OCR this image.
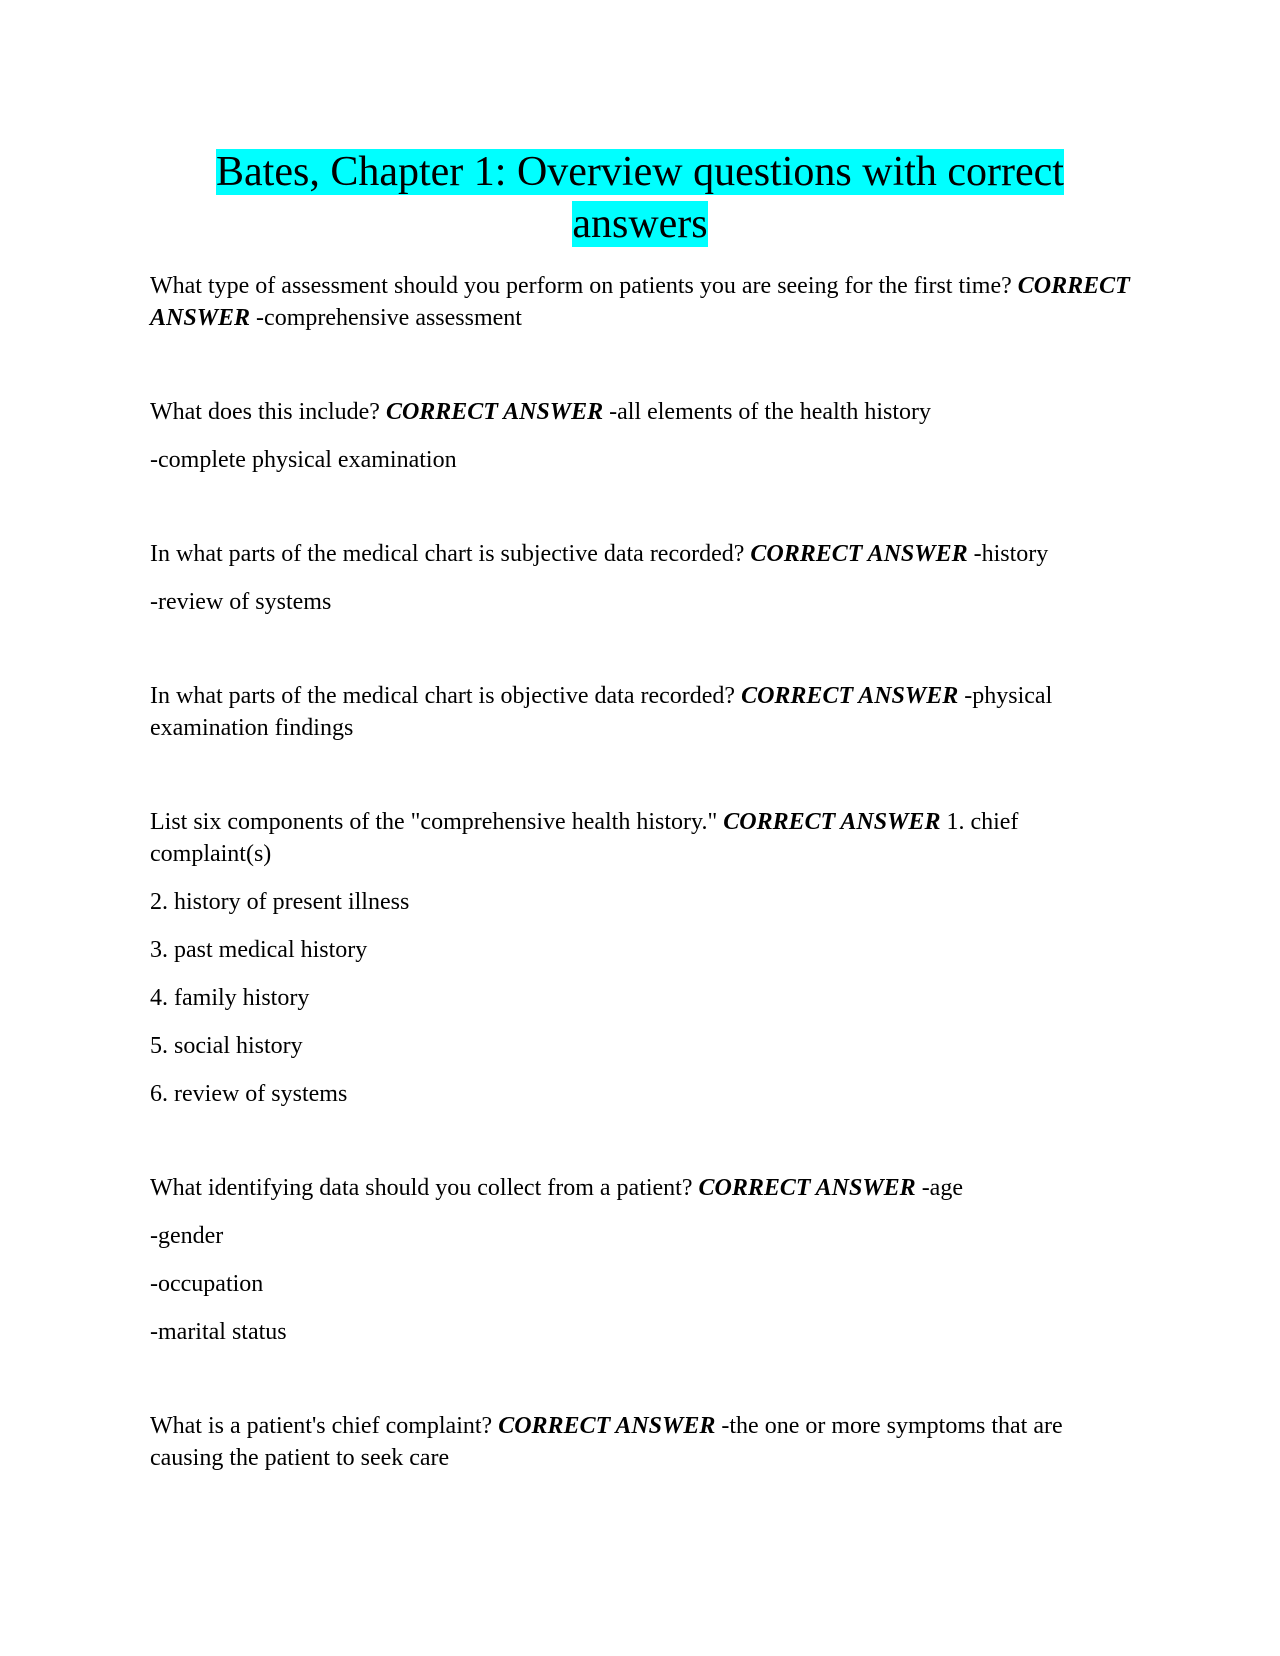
Bates, Chapter 1: Overview questions with correct answers

What type of assessment should you perform on patients you are seeing for the first time? CORRECT ANSWER -comprehensive assessment

What does this include? CORRECT ANSWER -all elements of the health history

-complete physical examination

In what parts of the medical chart is subjective data recorded? CORRECT ANSWER -history

-review of systems

In what parts of the medical chart is objective data recorded? CORRECT ANSWER -physical examination findings

List six components of the "comprehensive health history." CORRECT ANSWER 1. chief complaint(s)

2. history of present illness

3. past medical history

4. family history

5. social history

6. review of systems

What identifying data should you collect from a patient? CORRECT ANSWER -age

-gender

-occupation

-marital status

What is a patient's chief complaint? CORRECT ANSWER -the one or more symptoms that are causing the patient to seek care
